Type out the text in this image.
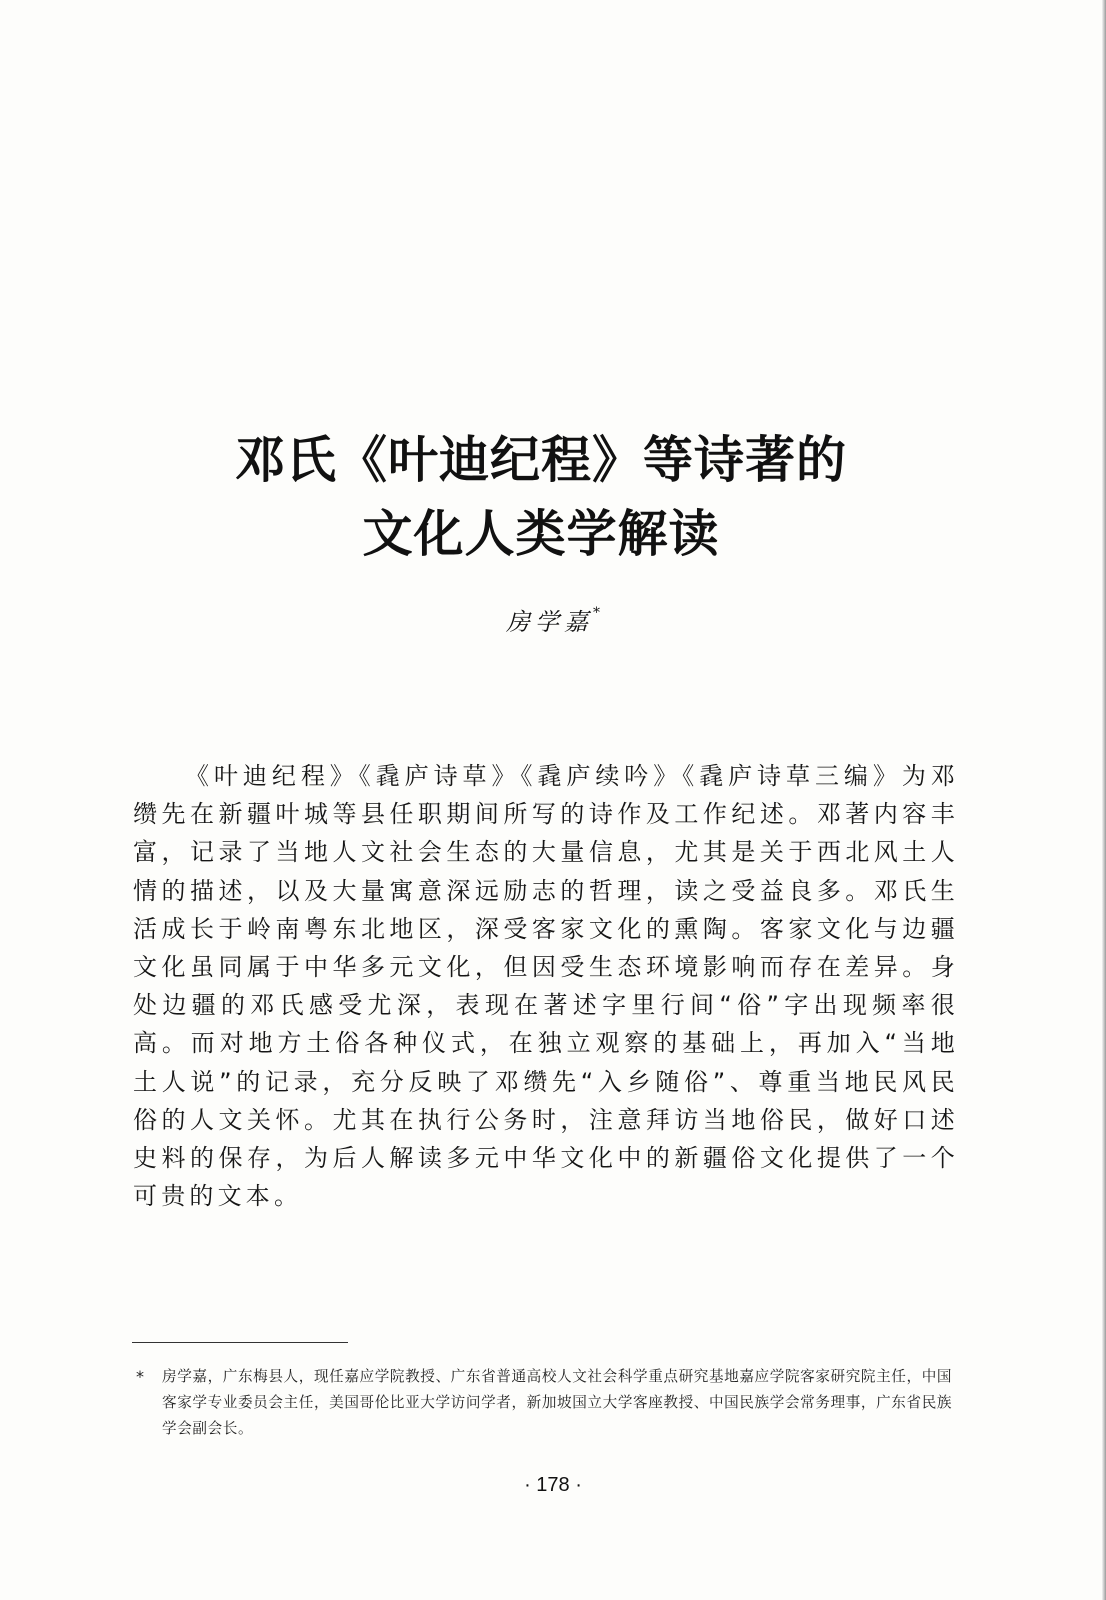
邓氏《叶迪纪程》等诗著的
文化人类学解读
房学嘉*

《叶迪纪程》《毳庐诗草》《毳庐续吟》《毳庐诗草三编》为邓缵先在新疆叶城等县任职期间所写的诗作及工作纪述。邓著内容丰富，记录了当地人文社会生态的大量信息，尤其是关于西北风土人情的描述，以及大量寓意深远励志的哲理，读之受益良多。邓氏生活成长于岭南粤东北地区，深受客家文化的熏陶。客家文化与边疆文化虽同属于中华多元文化，但因受生态环境影响而存在差异。身处边疆的邓氏感受尤深，表现在著述字里行间“俗”字出现频率很高。而对地方土俗各种仪式，在独立观察的基础上，再加入“当地土人说”的记录，充分反映了邓缵先“入乡随俗”、尊重当地民风民俗的人文关怀。尤其在执行公务时，注意拜访当地俗民，做好口述史料的保存，为后人解读多元中华文化中的新疆俗文化提供了一个可贵的文本。

* 房学嘉，广东梅县人，现任嘉应学院教授、广东省普通高校人文社会科学重点研究基地嘉应学院客家研究院主任，中国客家学专业委员会主任，美国哥伦比亚大学访问学者，新加坡国立大学客座教授、中国民族学会常务理事，广东省民族学会副会长。

· 178 ·
